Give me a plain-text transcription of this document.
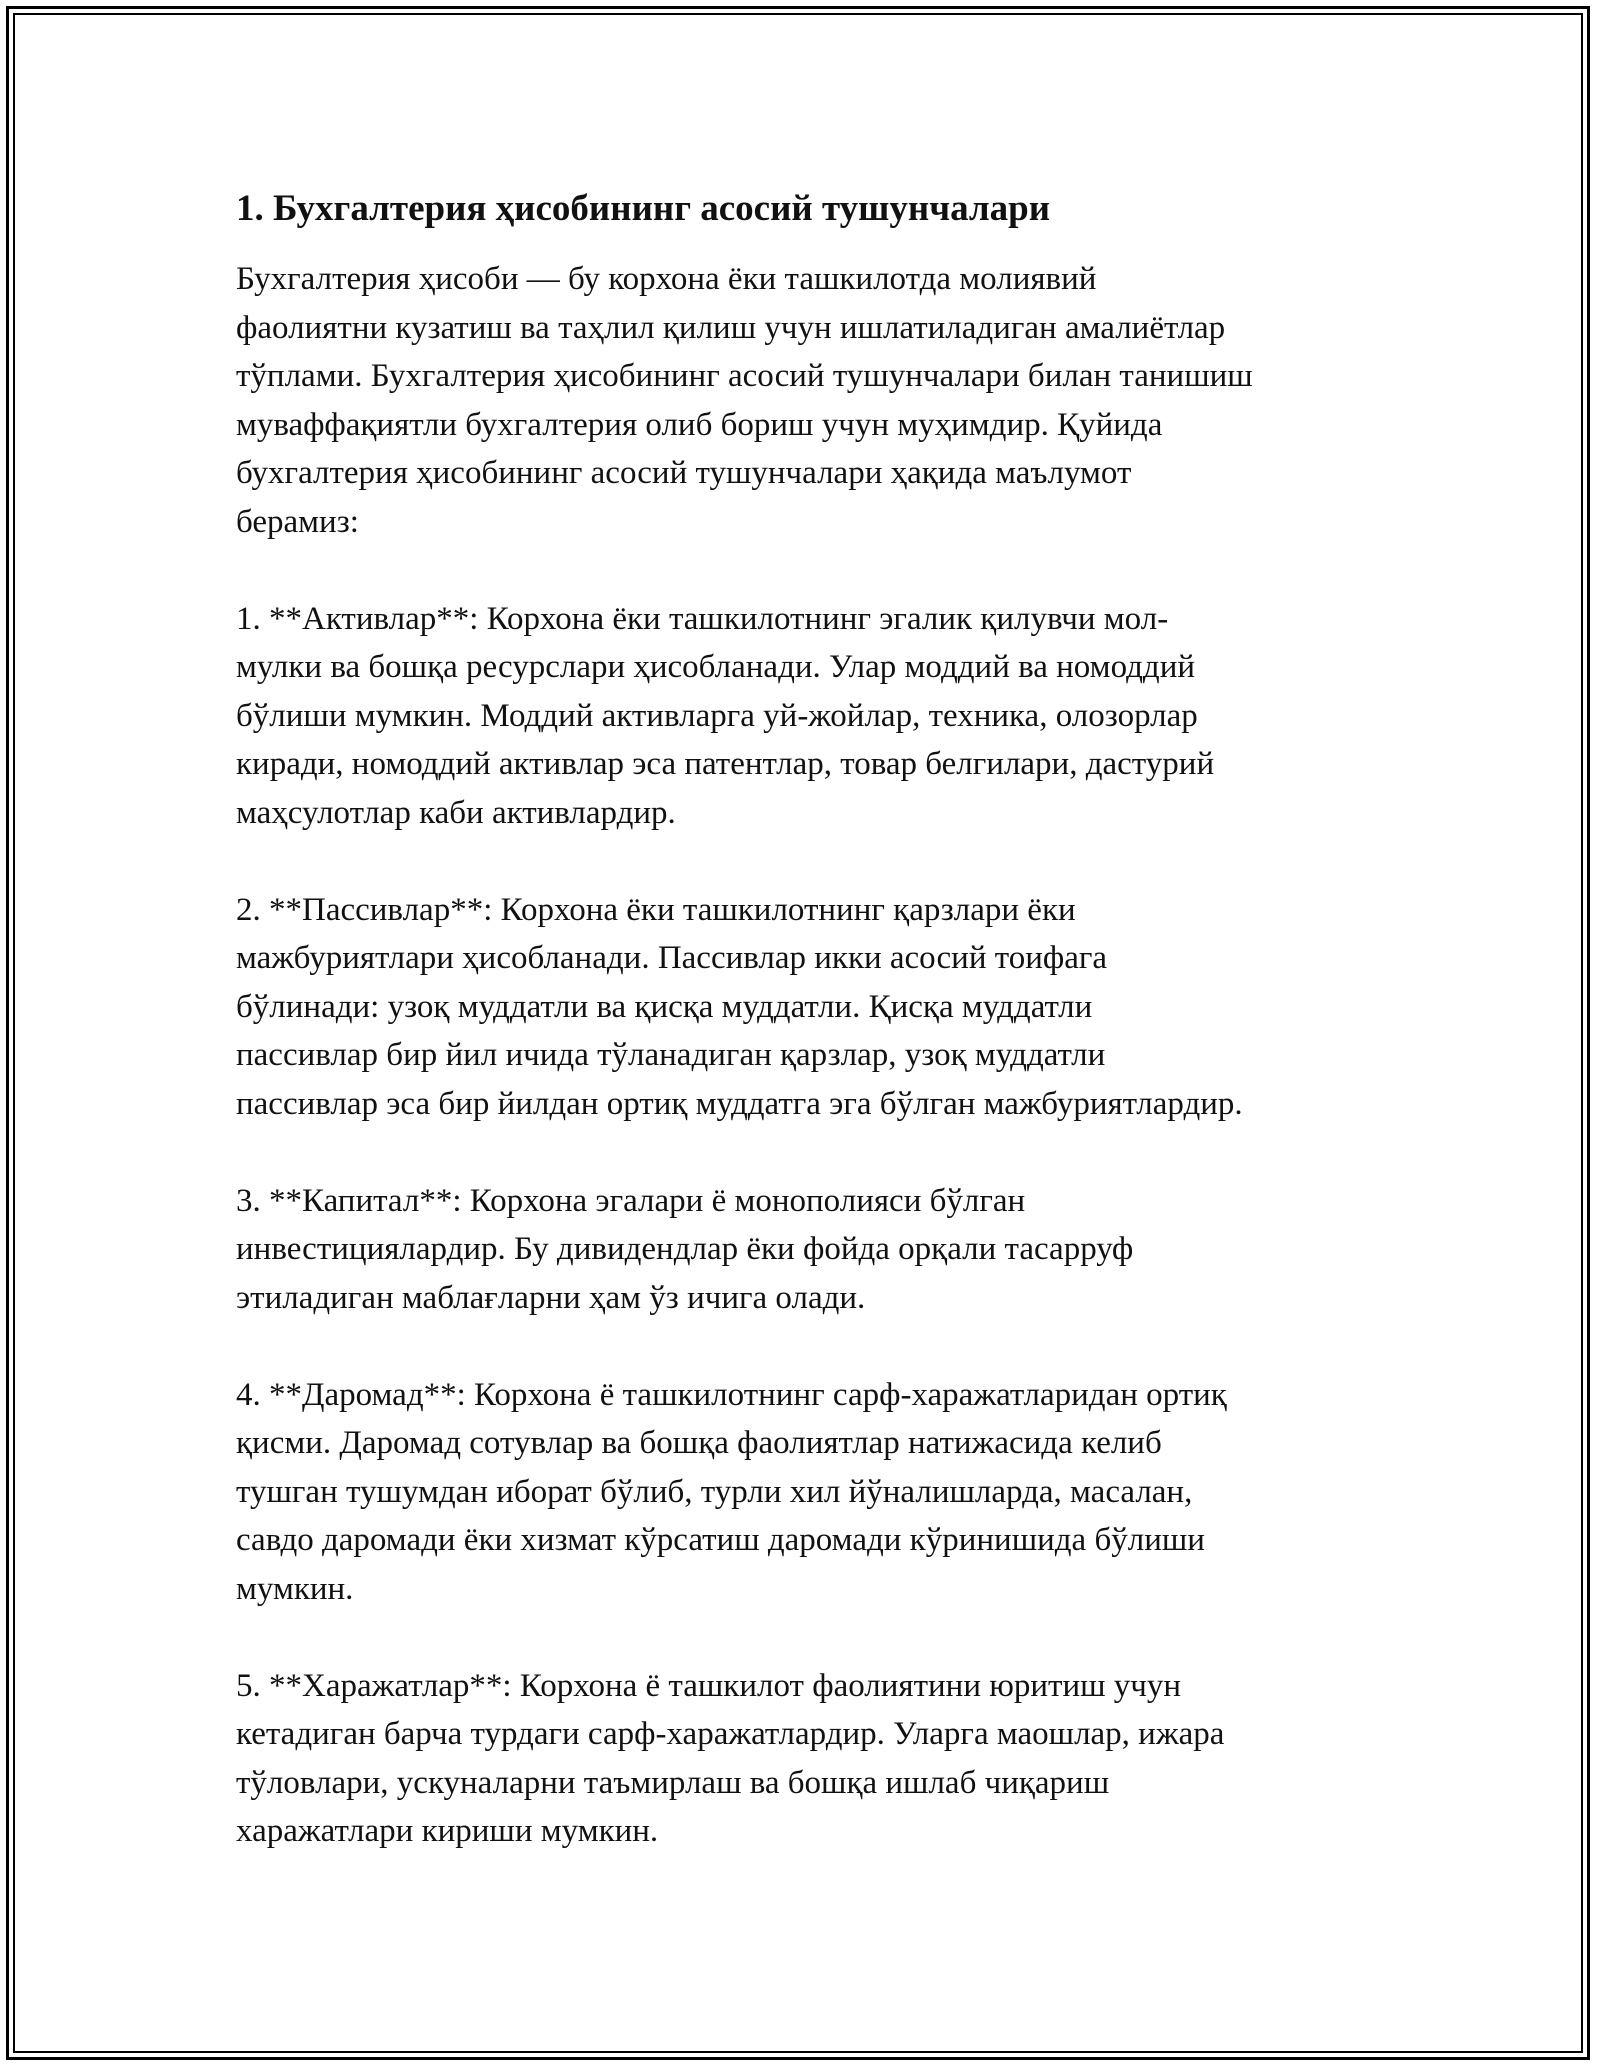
1. Бухгалтерия ҳисобининг асосий тушунчалари

Бухгалтерия ҳисоби — бу корхона ёки ташкилотда молиявий
фаолиятни кузатиш ва таҳлил қилиш учун ишлатиладиган амалиётлар
тўплами. Бухгалтерия ҳисобининг асосий тушунчалари билан танишиш
муваффақиятли бухгалтерия олиб бориш учун муҳимдир. Қуйида
бухгалтерия ҳисобининг асосий тушунчалари ҳақида маълумот
берамиз:

1. **Активлар**: Корхона ёки ташкилотнинг эгалик қилувчи мол-
мулки ва бошқа ресурслари ҳисобланади. Улар моддий ва номоддий
бўлиши мумкин. Моддий активларга уй-жойлар, техника, олозорлар
киради, номоддий активлар эса патентлар, товар белгилари, дастурий
маҳсулотлар каби активлардир.

2. **Пассивлар**: Корхона ёки ташкилотнинг қарзлари ёки
мажбуриятлари ҳисобланади. Пассивлар икки асосий тоифага
бўлинади: узоқ муддатли ва қисқа муддатли. Қисқа муддатли
пассивлар бир йил ичида тўланадиган қарзлар, узоқ муддатли
пассивлар эса бир йилдан ортиқ муддатга эга бўлган мажбуриятлардир.

3. **Капитал**: Корхона эгалари ё монополияси бўлган
инвестициялардир. Бу дивидендлар ёки фойда орқали тасарруф
этиладиган маблағларни ҳам ўз ичига олади.

4. **Даромад**: Корхона ё ташкилотнинг сарф-харажатларидан ортиқ
қисми. Даромад сотувлар ва бошқа фаолиятлар натижасида келиб
тушган тушумдан иборат бўлиб, турли хил йўналишларда, масалан,
савдо даромади ёки хизмат кўрсатиш даромади кўринишида бўлиши
мумкин.

5. **Харажатлар**: Корхона ё ташкилот фаолиятини юритиш учун
кетадиган барча турдаги сарф-харажатлардир. Уларга маошлар, ижара
тўловлари, ускуналарни таъмирлаш ва бошқа ишлаб чиқариш
харажатлари кириши мумкин.
